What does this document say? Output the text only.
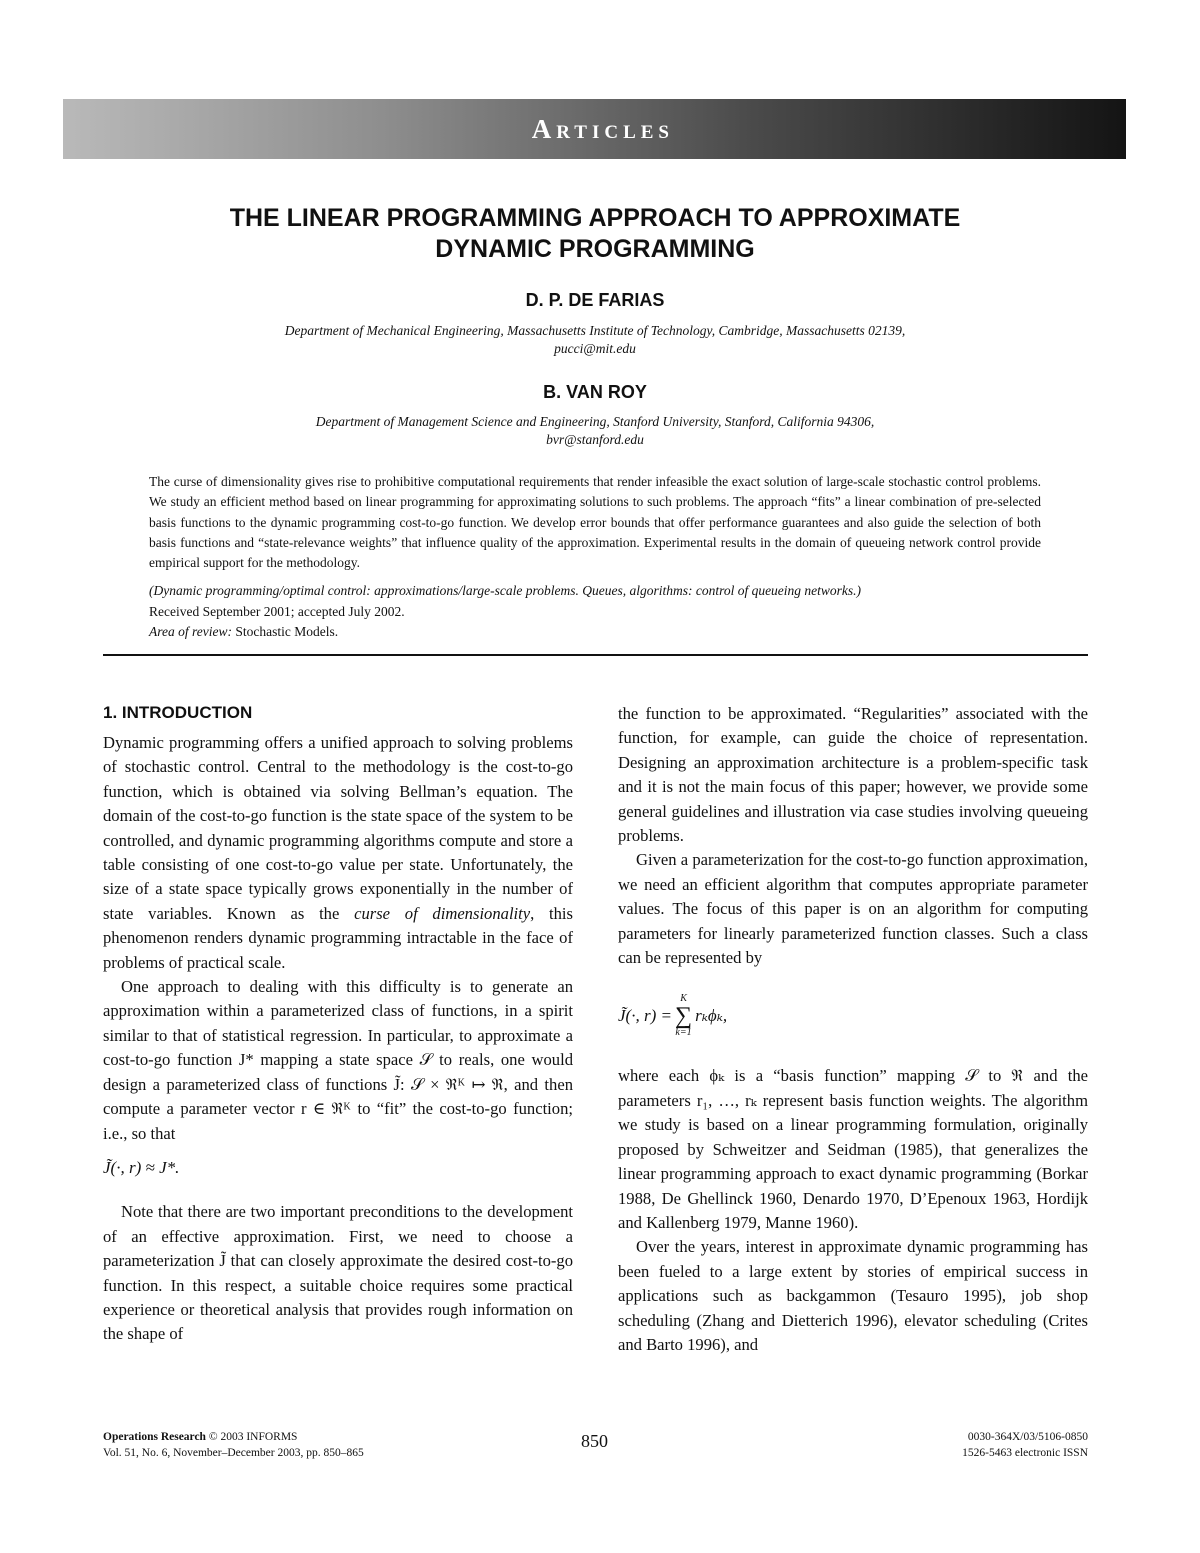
Articles
THE LINEAR PROGRAMMING APPROACH TO APPROXIMATE
DYNAMIC PROGRAMMING
D. P. DE FARIAS
Department of Mechanical Engineering, Massachusetts Institute of Technology, Cambridge, Massachusetts 02139,
pucci@mit.edu
B. VAN ROY
Department of Management Science and Engineering, Stanford University, Stanford, California 94306,
bvr@stanford.edu

The curse of dimensionality gives rise to prohibitive computational requirements that render infeasible the exact solution of large-scale stochastic control problems. We study an efficient method based on linear programming for approximating solutions to such problems. The approach “fits” a linear combination of pre-selected basis functions to the dynamic programming cost-to-go function. We develop error bounds that offer performance guarantees and also guide the selection of both basis functions and “state-relevance weights” that influence quality of the approximation. Experimental results in the domain of queueing network control provide empirical support for the methodology.

(Dynamic programming/optimal control: approximations/large-scale problems. Queues, algorithms: control of queueing networks.)
Received September 2001; accepted July 2002.
Area of review: Stochastic Models.
1. INTRODUCTION

Dynamic programming offers a unified approach to solving problems of stochastic control. Central to the methodology is the cost-to-go function, which is obtained via solving Bellman’s equation. The domain of the cost-to-go function is the state space of the system to be controlled, and dynamic programming algorithms compute and store a table consisting of one cost-to-go value per state. Unfortunately, the size of a state space typically grows exponentially in the number of state variables. Known as the curse of dimensionality, this phenomenon renders dynamic programming intractable in the face of problems of practical scale.

One approach to dealing with this difficulty is to generate an approximation within a parameterized class of functions, in a spirit similar to that of statistical regression. In particular, to approximate a cost-to-go function J* mapping a state space 𝒮 to reals, one would design a parameterized class of functions J̃: 𝒮 × ℜᴷ ↦ ℜ, and then compute a parameter vector r ∈ ℜᴷ to “fit” the cost-to-go function; i.e., so that

J̃(·, r) ≈ J*.

Note that there are two important preconditions to the development of an effective approximation. First, we need to choose a parameterization J̃ that can closely approximate the desired cost-to-go function. In this respect, a suitable choice requires some practical experience or theoretical analysis that provides rough information on the shape of

the function to be approximated. “Regularities” associated with the function, for example, can guide the choice of representation. Designing an approximation architecture is a problem-specific task and it is not the main focus of this paper; however, we provide some general guidelines and illustration via case studies involving queueing problems.

Given a parameterization for the cost-to-go function approximation, we need an efficient algorithm that computes appropriate parameter values. The focus of this paper is on an algorithm for computing parameters for linearly parameterized function classes. Such a class can be represented by

J̃(·, r) =
K
∑
k=1
rₖϕₖ,

where each ϕₖ is a “basis function” mapping 𝒮 to ℜ and the parameters r₁, …, rₖ represent basis function weights. The algorithm we study is based on a linear programming formulation, originally proposed by Schweitzer and Seidman (1985), that generalizes the linear programming approach to exact dynamic programming (Borkar 1988, De Ghellinck 1960, Denardo 1970, D’Epenoux 1963, Hordijk and Kallenberg 1979, Manne 1960).

Over the years, interest in approximate dynamic programming has been fueled to a large extent by stories of empirical success in applications such as backgammon (Tesauro 1995), job shop scheduling (Zhang and Dietterich 1996), elevator scheduling (Crites and Barto 1996), and

Operations Research © 2003 INFORMS
Vol. 51, No. 6, November–December 2003, pp. 850–865
850	0030-364X/03/5106-0850
1526-5463 electronic ISSN
